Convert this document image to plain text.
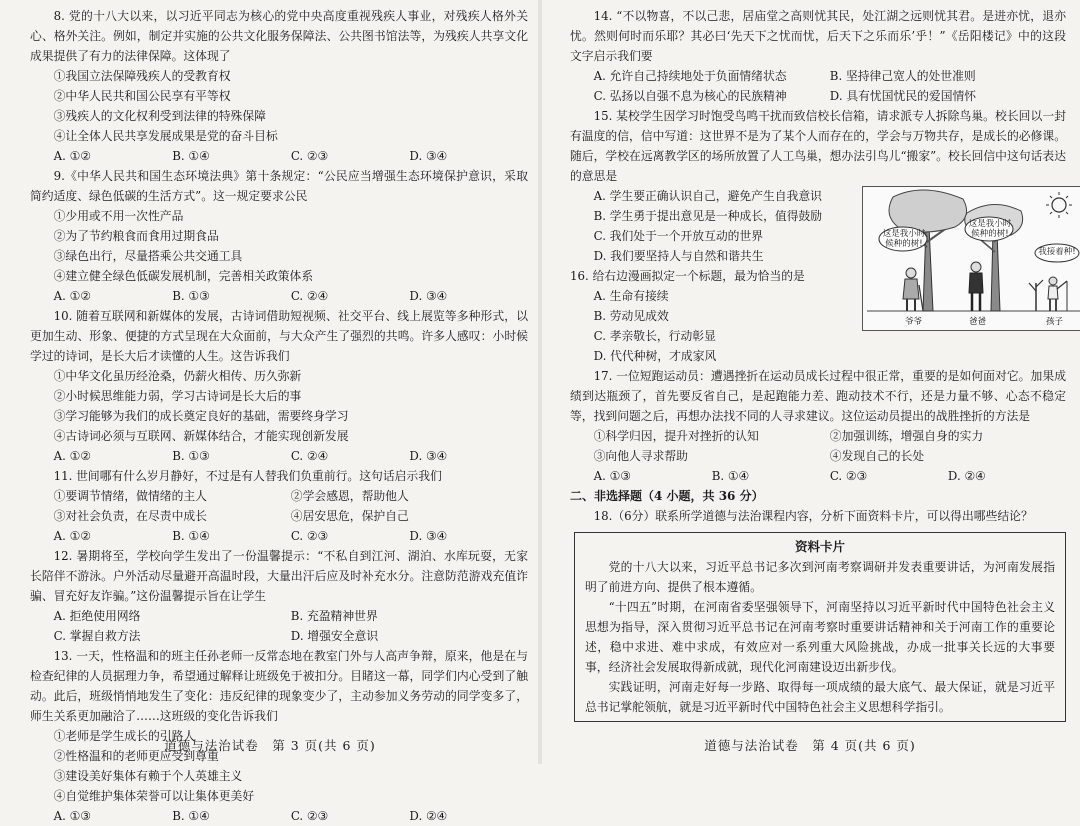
8. 党的十八大以来，以习近平同志为核心的党中央高度重视残疾人事业，对残疾人格外关心、格外关注。例如，制定并实施的公共文化服务保障法、公共图书馆法等，为残疾人共享文化成果提供了有力的法律保障。这体现了

①我国立法保障残疾人的受教育权

②中华人民共和国公民享有平等权

③残疾人的文化权利受到法律的特殊保障

④让全体人民共享发展成果是党的奋斗目标

A. ①②	B. ①④	C. ②③	D. ③④

9.《中华人民共和国生态环境法典》第十条规定：“公民应当增强生态环境保护意识，采取简约适度、绿色低碳的生活方式”。这一规定要求公民

①少用或不用一次性产品

②为了节约粮食而食用过期食品

③绿色出行，尽量搭乘公共交通工具

④建立健全绿色低碳发展机制，完善相关政策体系

A. ①②	B. ①③	C. ②④	D. ③④

10. 随着互联网和新媒体的发展，古诗词借助短视频、社交平台、线上展览等多种形式，以更加生动、形象、便捷的方式呈现在大众面前，与大众产生了强烈的共鸣。许多人感叹：小时候学过的诗词，是长大后才读懂的人生。这告诉我们

①中华文化虽历经沧桑，仍薪火相传、历久弥新

②小时候思维能力弱，学习古诗词是长大后的事

③学习能够为我们的成长奠定良好的基础，需要终身学习

④古诗词必须与互联网、新媒体结合，才能实现创新发展

A. ①②	B. ①③	C. ②④	D. ③④

11. 世间哪有什么岁月静好，不过是有人替我们负重前行。这句话启示我们

①要调节情绪，做情绪的主人	②学会感恩，帮助他人
③对社会负责，在尽责中成长	④居安思危，保护自己
A. ①②	B. ①④	C. ②③	D. ③④

12. 暑期将至，学校向学生发出了一份温馨提示：“不私自到江河、湖泊、水库玩耍，无家长陪伴不游泳。户外活动尽量避开高温时段，大量出汗后应及时补充水分。注意防范游戏充值诈骗、冒充好友诈骗。”这份温馨提示旨在让学生

A. 拒绝使用网络	B. 充盈精神世界
C. 掌握自救方法	D. 增强安全意识

13. 一天，性格温和的班主任孙老师一反常态地在教室门外与人高声争辩，原来，他是在与检查纪律的人员据理力争，希望通过解释让班级免于被扣分。目睹这一幕，同学们内心受到了触动。此后，班级悄悄地发生了变化：违反纪律的现象变少了，主动参加义务劳动的同学变多了，师生关系更加融洽了……这班级的变化告诉我们

①老师是学生成长的引路人

②性格温和的老师更应受到尊重

③建设美好集体有赖于个人英雄主义

④自觉维护集体荣誉可以让集体更美好

A. ①③	B. ①④	C. ②③	D. ②④
道德与法治试卷　第 3 页(共 6 页)

14. “不以物喜，不以己悲，居庙堂之高则忧其民，处江湖之远则忧其君。是进亦忧，退亦忧。然则何时而乐耶？其必曰‘先天下之忧而忧，后天下之乐而乐’乎！”《岳阳楼记》中的这段文字启示我们要

A. 允许自己持续地处于负面情绪状态	B. 坚持律己宽人的处世准则
C. 弘扬以自强不息为核心的民族精神	D. 具有忧国忧民的爱国情怀

15. 某校学生因学习时饱受鸟鸣干扰而致信校长信箱，请求派专人拆除鸟巢。校长回以一封有温度的信，信中写道：这世界不是为了某个人而存在的，学会与万物共存，是成长的必修课。随后，学校在远离教学区的场所放置了人工鸟巢，想办法引鸟儿“搬家”。校长回信中这句话表达的意思是

A. 学生要正确认识自己，避免产生自我意识

B. 学生勇于提出意见是一种成长，值得鼓励

C. 我们处于一个开放互动的世界

D. 我们要坚持人与自然和谐共生

16. 给右边漫画拟定一个标题，最为恰当的是

A. 生命有接续

B. 劳动见成效

C. 孝亲敬长，行动彰显

D. 代代种树，才成家风

这是我小时候种的树!
这是我小时候种的树!
我接着种!
爷爷	爸爸	孩子

17. 一位短跑运动员：遭遇挫折在运动员成长过程中很正常，重要的是如何面对它。加果成绩到达瓶颈了，首先要反省自己，是起跑能力差、跑动技术不行，还是力量不够、心态不稳定等，找到问题之后，再想办法找不同的人寻求建议。这位运动员提出的战胜挫折的方法是

①科学归因，提升对挫折的认知	②加强训练，增强自身的实力
③向他人寻求帮助	④发现自己的长处
A. ①③	B. ①④	C. ②③	D. ②④

二、非选择题（4 小题，共 36 分）

18.（6分）联系所学道德与法治课程内容，分析下面资料卡片，可以得出哪些结论？

资料卡片

党的十八大以来，习近平总书记多次到河南考察调研并发表重要讲话，为河南发展指明了前进方向、提供了根本遵循。

“十四五”时期，在河南省委坚强领导下，河南坚持以习近平新时代中国特色社会主义思想为指导，深入贯彻习近平总书记在河南考察时重要讲话精神和关于河南工作的重要论述，稳中求进、难中求成，有效应对一系列重大风险挑战，办成一批事关长远的大事要事，经济社会发展取得新成就，现代化河南建设迈出新步伐。

实践证明，河南走好每一步路、取得每一项成绩的最大底气、最大保证，就是习近平总书记掌舵领航，就是习近平新时代中国特色社会主义思想科学指引。

道德与法治试卷　第 4 页(共 6 页)
